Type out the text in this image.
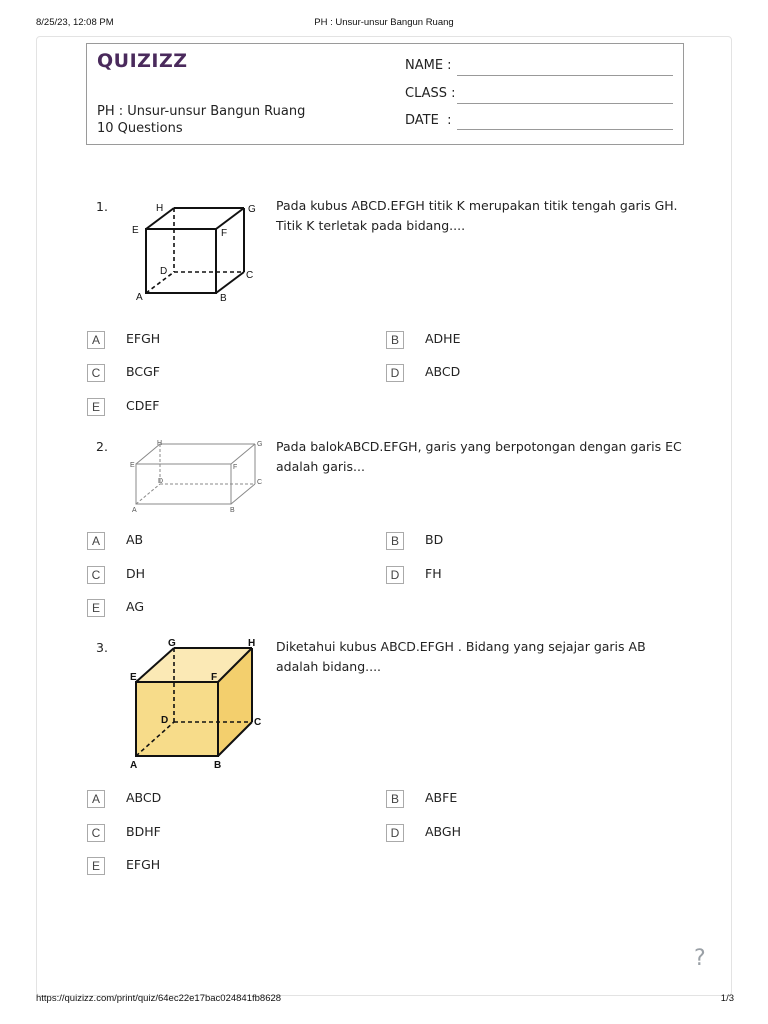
8/25/23, 12:08 PM	PH : Unsur-unsur Bangun Ruang
QUIZIZZ
PH : Unsur-unsur Bangun Ruang
10 Questions
NAME :
CLASS :
DATE  :
1.	H	G
E	F
D	C
A	B
Pada kubus ABCD.EFGH titik K merupakan titik tengah garis GH.
Titik K terletak pada bidang....
A	EFGH	B	ADHE
C	BCGF	D	ABCD
E	CDEF
2.	H	G
E	F
D	C
A	B
Pada balokABCD.EFGH, garis yang berpotongan dengan garis EC
adalah garis...
A	AB	B	BD
C	DH	D	FH
E	AG
3.	G	H
E	F
D	C
A	B
Diketahui kubus ABCD.EFGH . Bidang yang sejajar garis AB
adalah bidang....
A	ABCD	B	ABFE
C	BDHF	D	ABGH
E	EFGH
?
https://quizizz.com/print/quiz/64ec22e17bac024841fb8628	1/3
